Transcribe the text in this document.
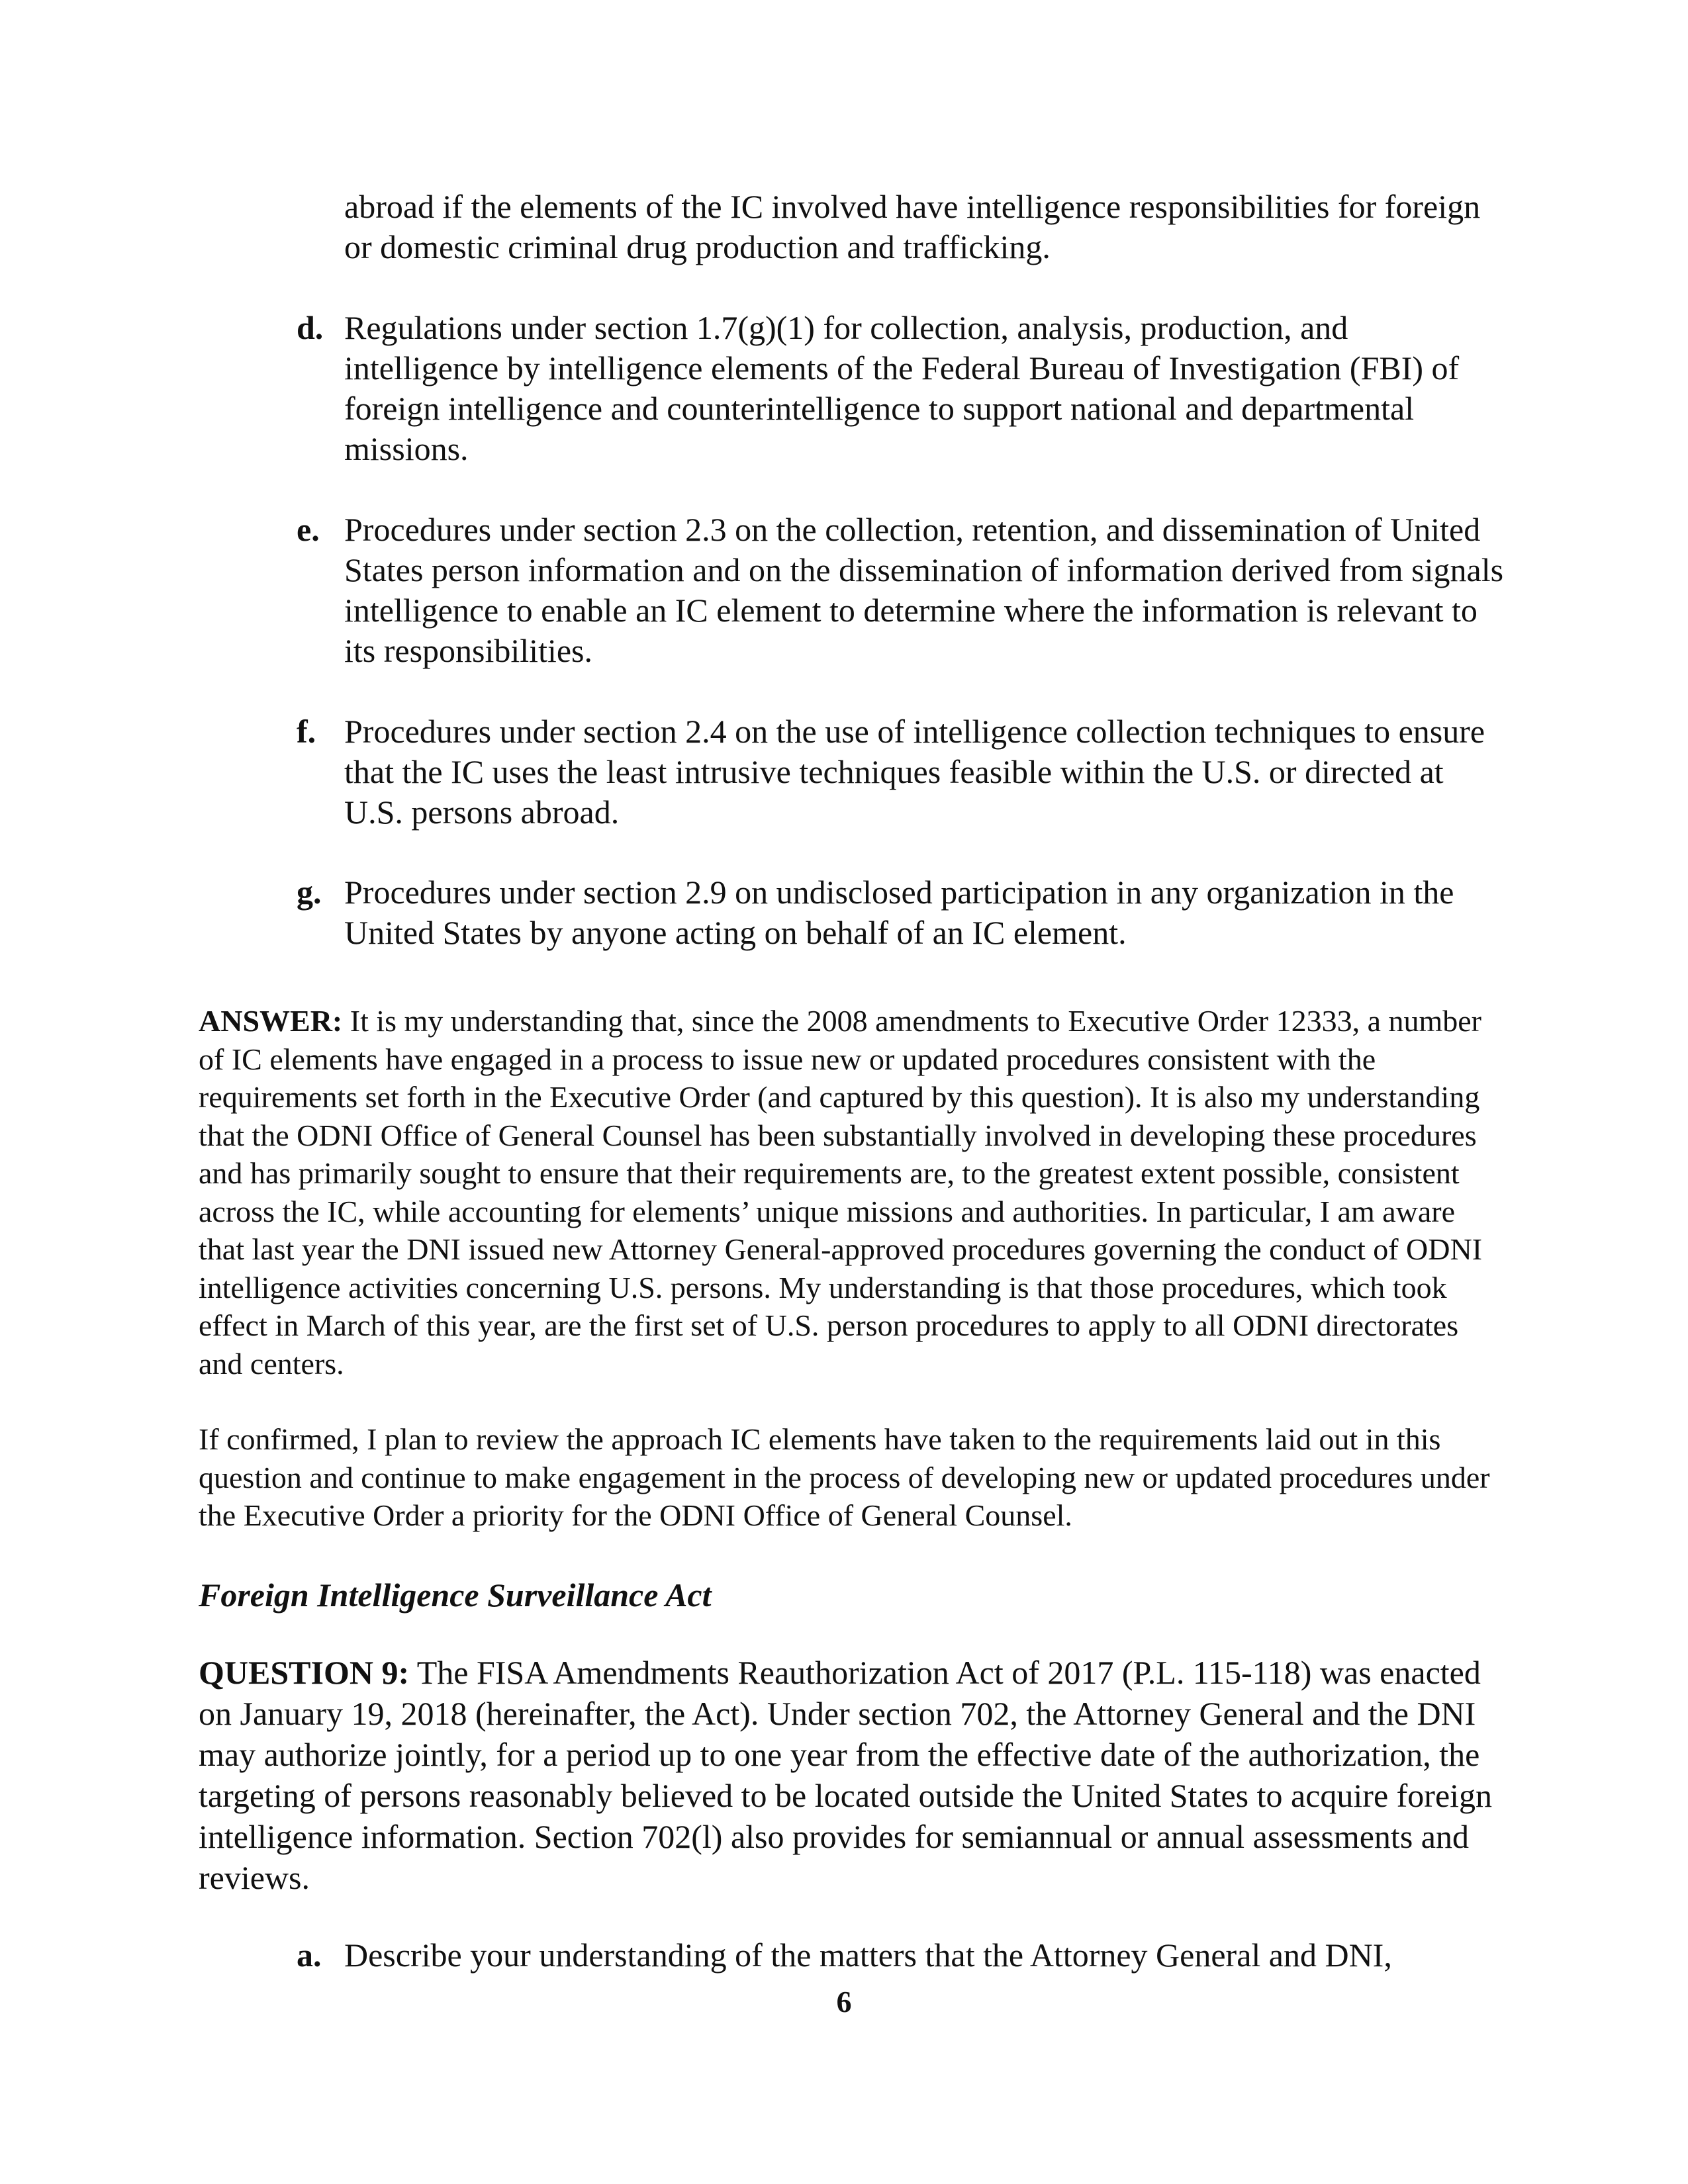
abroad if the elements of the IC involved have intelligence responsibilities for foreign or domestic criminal drug production and trafficking.

d. Regulations under section 1.7(g)(1) for collection, analysis, production, and intelligence by intelligence elements of the Federal Bureau of Investigation (FBI) of foreign intelligence and counterintelligence to support national and departmental missions.
e. Procedures under section 2.3 on the collection, retention, and dissemination of United States person information and on the dissemination of information derived from signals intelligence to enable an IC element to determine where the information is relevant to its responsibilities.
f. Procedures under section 2.4 on the use of intelligence collection techniques to ensure that the IC uses the least intrusive techniques feasible within the U.S. or directed at U.S. persons abroad.
g. Procedures under section 2.9 on undisclosed participation in any organization in the United States by anyone acting on behalf of an IC element.

ANSWER: It is my understanding that, since the 2008 amendments to Executive Order 12333, a number of IC elements have engaged in a process to issue new or updated procedures consistent with the requirements set forth in the Executive Order (and captured by this question). It is also my understanding that the ODNI Office of General Counsel has been substantially involved in developing these procedures and has primarily sought to ensure that their requirements are, to the greatest extent possible, consistent across the IC, while accounting for elements’ unique missions and authorities. In particular, I am aware that last year the DNI issued new Attorney General-approved procedures governing the conduct of ODNI intelligence activities concerning U.S. persons. My understanding is that those procedures, which took effect in March of this year, are the first set of U.S. person procedures to apply to all ODNI directorates and centers.

If confirmed, I plan to review the approach IC elements have taken to the requirements laid out in this question and continue to make engagement in the process of developing new or updated procedures under the Executive Order a priority for the ODNI Office of General Counsel.

Foreign Intelligence Surveillance Act

QUESTION 9: The FISA Amendments Reauthorization Act of 2017 (P.L. 115-118) was enacted on January 19, 2018 (hereinafter, the Act). Under section 702, the Attorney General and the DNI may authorize jointly, for a period up to one year from the effective date of the authorization, the targeting of persons reasonably believed to be located outside the United States to acquire foreign intelligence information. Section 702(l) also provides for semiannual or annual assessments and reviews.

a. Describe your understanding of the matters that the Attorney General and DNI,
6
